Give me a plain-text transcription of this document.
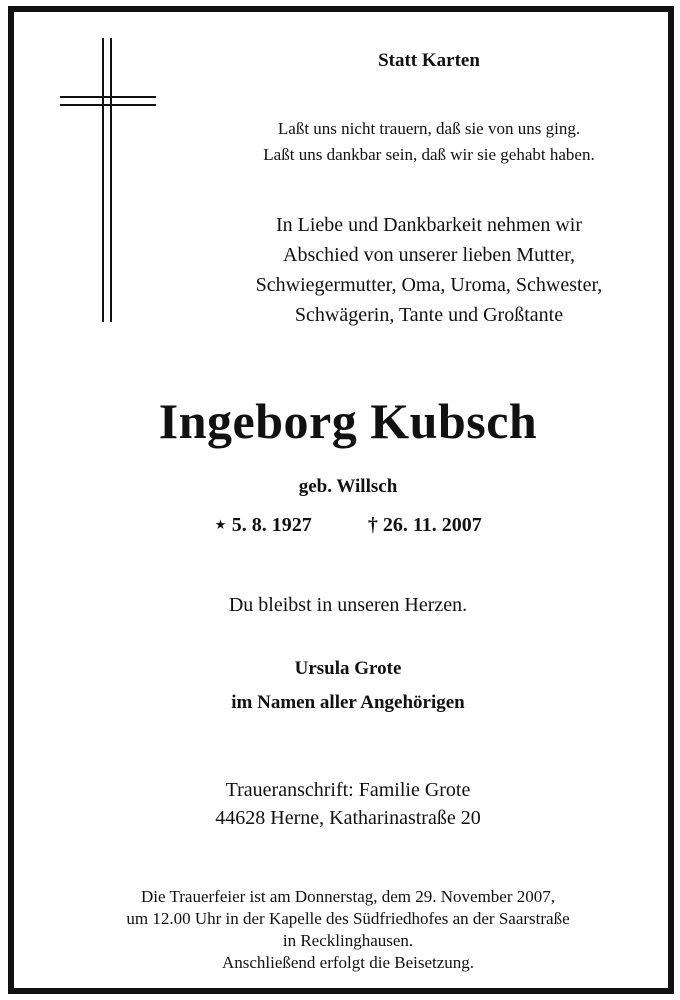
Statt Karten
Laßt uns nicht trauern, daß sie von uns ging.
Laßt uns dankbar sein, daß wir sie gehabt haben.
In Liebe und Dankbarkeit nehmen wir
Abschied von unserer lieben Mutter,
Schwiegermutter, Oma, Uroma, Schwester,
Schwägerin, Tante und Großtante
Ingeborg Kubsch
geb. Willsch
⋆ 5. 8. 1927	† 26. 11. 2007
Du bleibst in unseren Herzen.
Ursula Grote
im Namen aller Angehörigen
Traueranschrift: Familie Grote
44628 Herne, Katharinastraße 20
Die Trauerfeier ist am Donnerstag, dem 29. November 2007,
um 12.00 Uhr in der Kapelle des Südfriedhofes an der Saarstraße
in Recklinghausen.
Anschließend erfolgt die Beisetzung.
